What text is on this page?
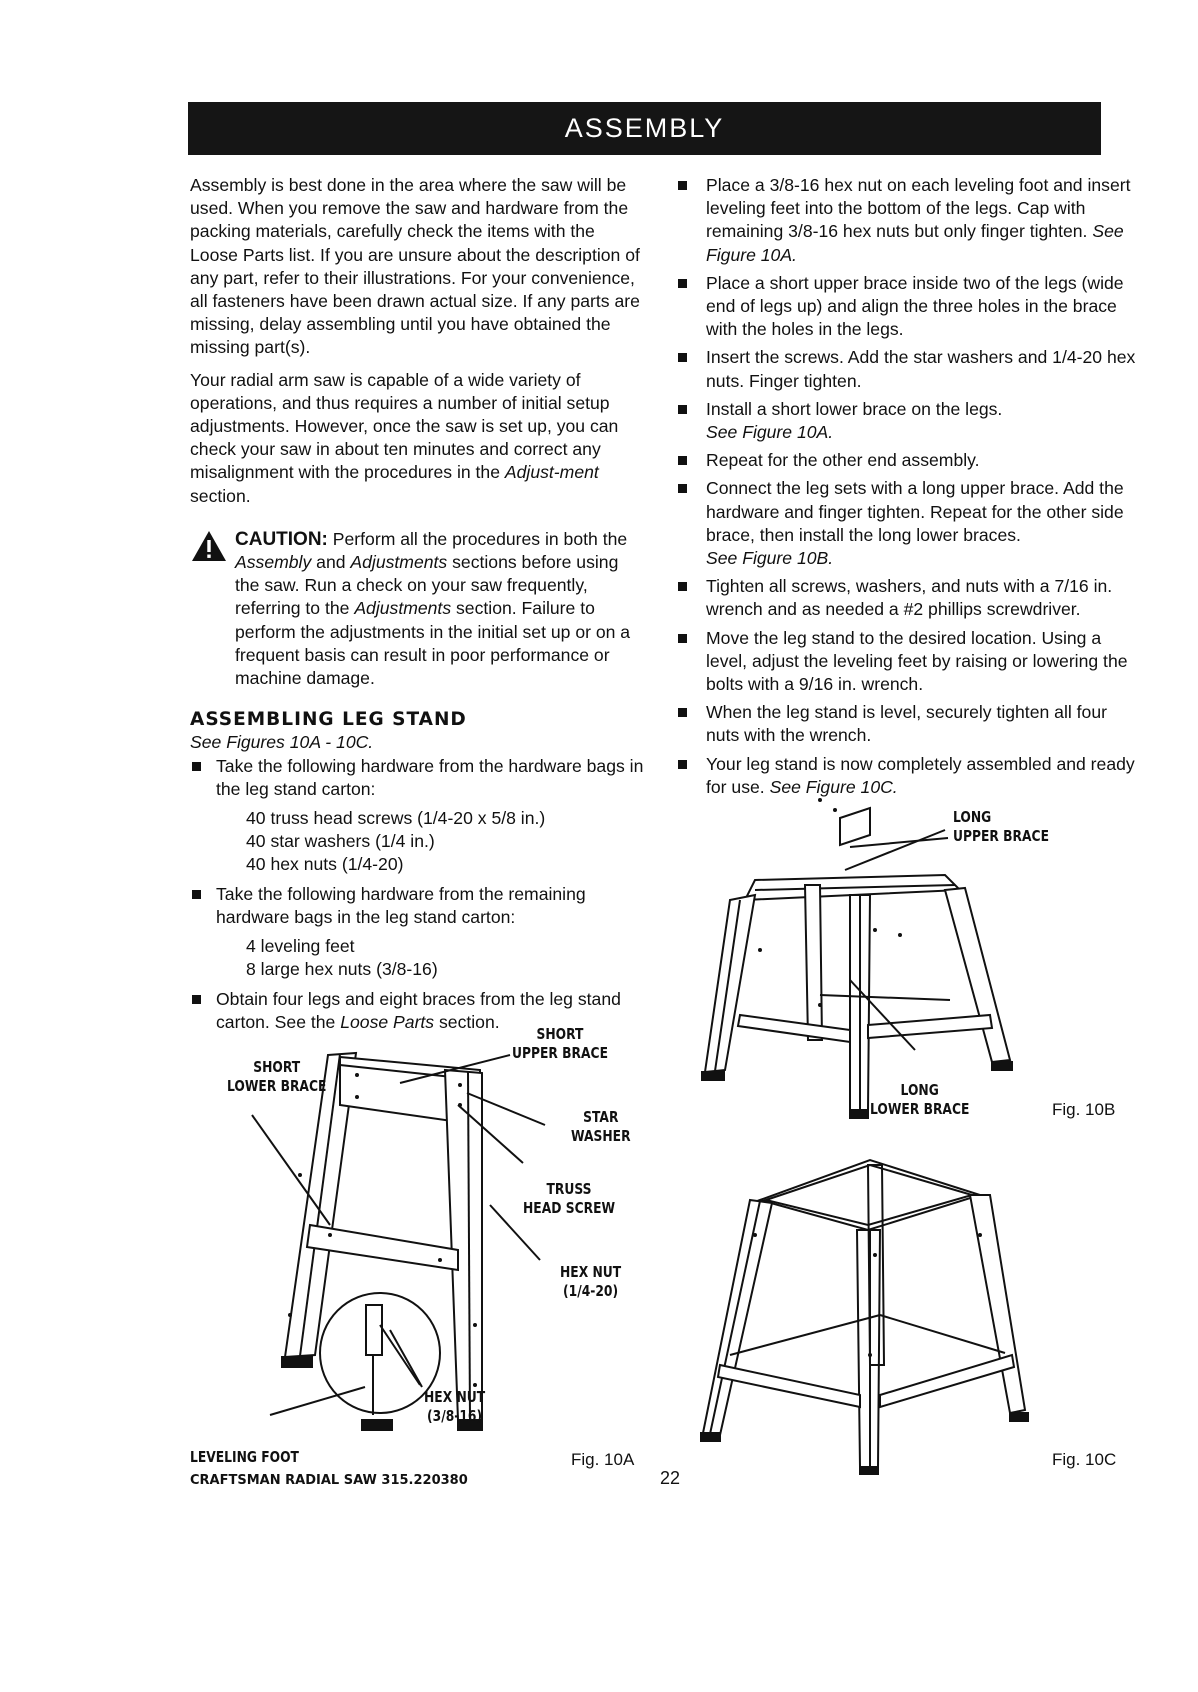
ASSEMBLY

Assembly is best done in the area where the saw will be used. When you remove the saw and hardware from the packing materials, carefully check the items with the Loose Parts list. If you are unsure about the description of any part, refer to their illustrations. For your convenience, all fasteners have been drawn actual size. If any parts are missing, delay assembling until you have obtained the missing part(s).

Your radial arm saw is capable of a wide variety of operations, and thus requires a number of initial setup adjustments. However, once the saw is set up, you can check your saw in about ten minutes and correct any misalignment with the procedures in the Adjust-ment section.

CAUTION: Perform all the procedures in both the Assembly and Adjustments sections before using the saw. Run a check on your saw frequently, referring to the Adjustments section. Failure to perform the adjustments in the initial set up or on a frequent basis can result in poor performance or machine damage.
ASSEMBLING LEG STAND
See Figures 10A - 10C.
Take the following hardware from the hardware bags in the leg stand carton:
40 truss head screws (1/4-20 x 5/8 in.)
40 star washers (1/4 in.)
40 hex nuts (1/4-20)
Take the following hardware from the remaining hardware bags in the leg stand carton:
4 leveling feet
8 large hex nuts (3/8-16)
Obtain four legs and eight braces from the leg stand carton. See the Loose Parts section.
Place a 3/8-16 hex nut on each leveling foot and insert leveling feet into the bottom of the legs. Cap with remaining 3/8-16 hex nuts but only finger tighten. See Figure 10A.
Place a short upper brace inside two of the legs (wide end of legs up) and align the three holes in the brace with the holes in the legs.
Insert the screws. Add the star washers and 1/4-20 hex nuts. Finger tighten.
Install a short lower brace on the legs.
See Figure 10A.
Repeat for the other end assembly.
Connect the leg sets with a long upper brace. Add the hardware and finger tighten. Repeat for the other side brace, then install the long lower braces.
See Figure 10B.
Tighten all screws, washers, and nuts with a 7/16 in. wrench and as needed a #2 phillips screwdriver.
Move the leg stand to the desired location. Using a level, adjust the leveling feet by raising or lowering the bolts with a 9/16 in. wrench.
When the leg stand is level, securely tighten all four nuts with the wrench.
Your leg stand is now completely assembled and ready for use. See Figure 10C.
SHORT
UPPER BRACE
SHORT
LOWER BRACE
STAR
WASHER
TRUSS
HEAD SCREW
HEX NUT
(1/4-20)
HEX NUT
(3/8-16)
LEVELING FOOT	Fig. 10A
LONG
UPPER BRACE
LONG
LOWER BRACE	Fig. 10B
Fig. 10C
CRAFTSMAN RADIAL SAW 315.220380	22
